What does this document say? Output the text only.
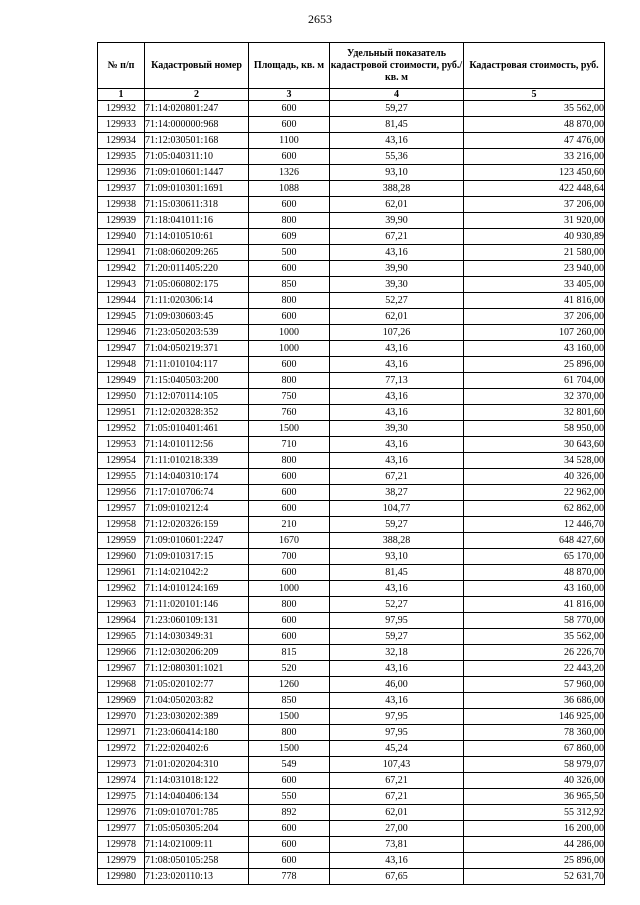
2653
№ п/п	Кадастровый номер	Площадь, кв. м	Удельный показатель кадастровой стоимости, руб./кв. м	Кадастровая стоимость, руб.
1	2	3	4	5
129932	71:14:020801:247	600	59,27	35 562,00
129933	71:14:000000:968	600	81,45	48 870,00
129934	71:12:030501:168	1100	43,16	47 476,00
129935	71:05:040311:10	600	55,36	33 216,00
129936	71:09:010601:1447	1326	93,10	123 450,60
129937	71:09:010301:1691	1088	388,28	422 448,64
129938	71:15:030611:318	600	62,01	37 206,00
129939	71:18:041011:16	800	39,90	31 920,00
129940	71:14:010510:61	609	67,21	40 930,89
129941	71:08:060209:265	500	43,16	21 580,00
129942	71:20:011405:220	600	39,90	23 940,00
129943	71:05:060802:175	850	39,30	33 405,00
129944	71:11:020306:14	800	52,27	41 816,00
129945	71:09:030603:45	600	62,01	37 206,00
129946	71:23:050203:539	1000	107,26	107 260,00
129947	71:04:050219:371	1000	43,16	43 160,00
129948	71:11:010104:117	600	43,16	25 896,00
129949	71:15:040503:200	800	77,13	61 704,00
129950	71:12:070114:105	750	43,16	32 370,00
129951	71:12:020328:352	760	43,16	32 801,60
129952	71:05:010401:461	1500	39,30	58 950,00
129953	71:14:010112:56	710	43,16	30 643,60
129954	71:11:010218:339	800	43,16	34 528,00
129955	71:14:040310:174	600	67,21	40 326,00
129956	71:17:010706:74	600	38,27	22 962,00
129957	71:09:010212:4	600	104,77	62 862,00
129958	71:12:020326:159	210	59,27	12 446,70
129959	71:09:010601:2247	1670	388,28	648 427,60
129960	71:09:010317:15	700	93,10	65 170,00
129961	71:14:021042:2	600	81,45	48 870,00
129962	71:14:010124:169	1000	43,16	43 160,00
129963	71:11:020101:146	800	52,27	41 816,00
129964	71:23:060109:131	600	97,95	58 770,00
129965	71:14:030349:31	600	59,27	35 562,00
129966	71:12:030206:209	815	32,18	26 226,70
129967	71:12:080301:1021	520	43,16	22 443,20
129968	71:05:020102:77	1260	46,00	57 960,00
129969	71:04:050203:82	850	43,16	36 686,00
129970	71:23:030202:389	1500	97,95	146 925,00
129971	71:23:060414:180	800	97,95	78 360,00
129972	71:22:020402:6	1500	45,24	67 860,00
129973	71:01:020204:310	549	107,43	58 979,07
129974	71:14:031018:122	600	67,21	40 326,00
129975	71:14:040406:134	550	67,21	36 965,50
129976	71:09:010701:785	892	62,01	55 312,92
129977	71:05:050305:204	600	27,00	16 200,00
129978	71:14:021009:11	600	73,81	44 286,00
129979	71:08:050105:258	600	43,16	25 896,00
129980	71:23:020110:13	778	67,65	52 631,70
